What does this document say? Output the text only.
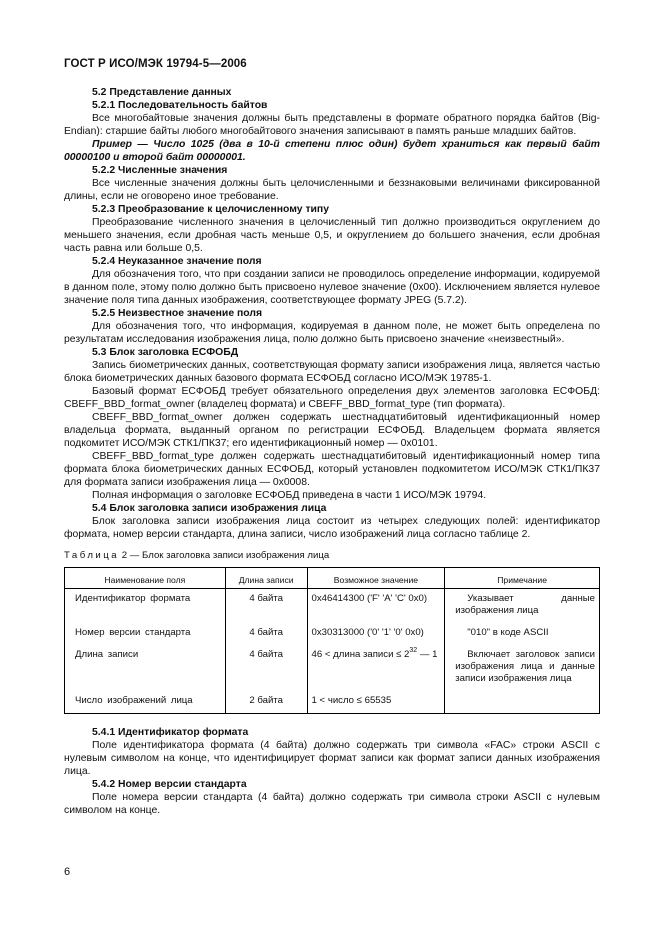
ГОСТ Р ИСО/МЭК 19794-5—2006
5.2 Представление данных
5.2.1 Последовательность байтов
Все многобайтовые значения должны быть представлены в формате обратного порядка байтов (Big-Endian): старшие байты любого многобайтового значения записывают в память раньше младших байтов.
Пример — Число 1025 (два в 10-й степени плюс один) будет храниться как первый байт 00000100 и второй байт 00000001.
5.2.2 Численные значения
Все численные значения должны быть целочисленными и беззнаковыми величинами фиксированной длины, если не оговорено иное требование.
5.2.3 Преобразование к целочисленному типу
Преобразование численного значения в целочисленный тип должно производиться округлением до меньшего значения, если дробная часть меньше 0,5, и округлением до большего значения, если дробная часть равна или больше 0,5.
5.2.4 Неуказанное значение поля
Для обозначения того, что при создании записи не проводилось определение информации, кодируемой в данном поле, этому полю должно быть присвоено нулевое значение (0x00). Исключением является нулевое значение поля типа данных изображения, соответствующее формату JPEG (5.7.2).
5.2.5 Неизвестное значение поля
Для обозначения того, что информация, кодируемая в данном поле, не может быть определена по результатам исследования изображения лица, полю должно быть присвоено значение «неизвестный».
5.3 Блок заголовка ЕСФОБД
Запись биометрических данных, соответствующая формату записи изображения лица, является частью блока биометрических данных базового формата ЕСФОБД согласно ИСО/МЭК 19785-1.
Базовый формат ЕСФОБД требует обязательного определения двух элементов заголовка ЕСФОБД: CBEFF_BBD_format_owner (владелец формата) и CBEFF_BBD_format_type (тип формата).
CBEFF_BBD_format_owner должен содержать шестнадцатибитовый идентификационный номер владельца формата, выданный органом по регистрации ЕСФОБД. Владельцем формата является подкомитет ИСО/МЭК СТК1/ПК37; его идентификационный номер — 0x0101.
CBEFF_BBD_format_type должен содержать шестнадцатибитовый идентификационный номер типа формата блока биометрических данных ЕСФОБД, который установлен подкомитетом ИСО/МЭК СТК1/ПК37 для формата записи изображения лица — 0x0008.
Полная информация о заголовке ЕСФОБД приведена в части 1 ИСО/МЭК 19794.
5.4 Блок заголовка записи изображения лица
Блок заголовка записи изображения лица состоит из четырех следующих полей: идентификатор формата, номер версии стандарта, длина записи, число изображений лица согласно таблице 2.
Таблица 2 — Блок заголовка записи изображения лица
Наименование поля	Длина записи	Возможное значение	Примечание
Идентификатор формата	4 байта	0x46414300 ('F' 'A' 'C' 0x0)	Указывает данные изображения лица

Номер версии стандарта	4 байта	0x30313000 ('0' '1' '0' 0x0)	"010" в коде ASCII

Длина записи	4 байта	46 < длина записи ≤ $2^{32}$ — 1	Включает заголовок записи изображения лица и данные записи изображения лица

Число изображений лица	2 байта	1 < число ≤ 65535	
5.4.1 Идентификатор формата
Поле идентификатора формата (4 байта) должно содержать три символа «FAC» строки ASCII с нулевым символом на конце, что идентифицирует формат записи как формат записи данных изображения лица.
5.4.2 Номер версии стандарта
Поле номера версии стандарта (4 байта) должно содержать три символа строки ASCII с нулевым символом на конце.
6
